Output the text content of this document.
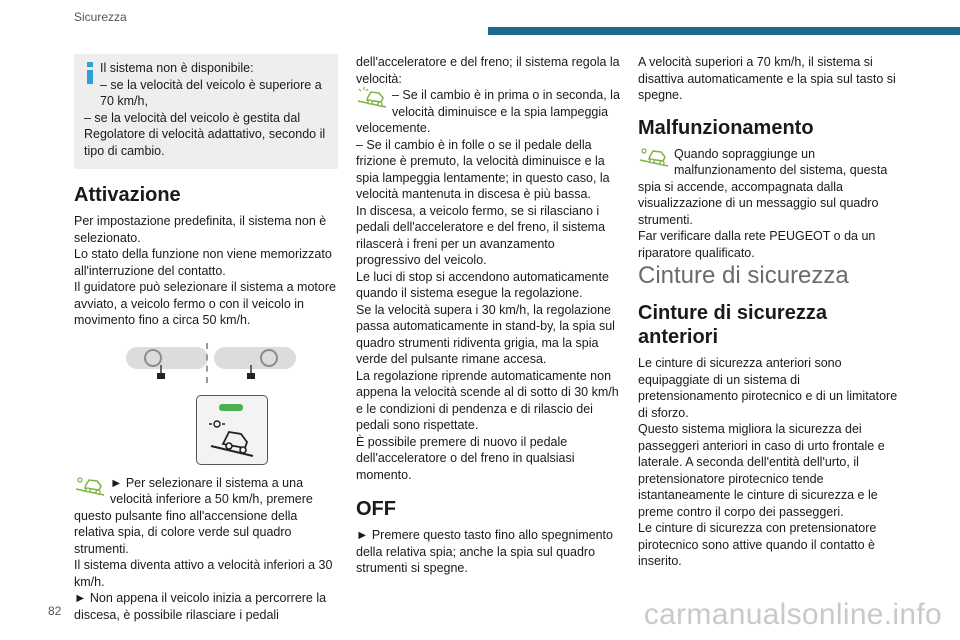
Sicurezza

Il sistema non è disponibile:

– se la velocità del veicolo è superiore a 70 km/h,

– se la velocità del veicolo è gestita dal Regolatore di velocità adattativo, secondo il tipo di cambio.

Attivazione

Per impostazione predefinita, il sistema non è selezionato.

Lo stato della funzione non viene memorizzato all'interruzione del contatto.

Il guidatore può selezionare il sistema a motore avviato, a veicolo fermo o con il veicolo in movimento fino a circa 50 km/h.

► Per selezionare il sistema a una velocità inferiore a 50 km/h, premere questo pulsante fino all'accensione della relativa spia, di colore verde sul quadro strumenti.

Il sistema diventa attivo a velocità inferiori a 30 km/h.

► Non appena il veicolo inizia a percorrere la discesa, è possibile rilasciare i pedali

dell'acceleratore e del freno; il sistema regola la velocità:

– Se il cambio è in prima o in seconda, la velocità diminuisce e la spia lampeggia velocemente.

– Se il cambio è in folle o se il pedale della frizione è premuto, la velocità diminuisce e la spia lampeggia lentamente; in questo caso, la velocità mantenuta in discesa è più bassa.

In discesa, a veicolo fermo, se si rilasciano i pedali dell'acceleratore e del freno, il sistema rilascerà i freni per un avanzamento progressivo del veicolo.

Le luci di stop si accendono automaticamente quando il sistema esegue la regolazione.

Se la velocità supera i 30 km/h, la regolazione passa automaticamente in stand-by, la spia sul quadro strumenti ridiventa grigia, ma la spia verde del pulsante rimane accesa.

La regolazione riprende automaticamente non appena la velocità scende al di sotto di 30 km/h e le condizioni di pendenza e di rilascio dei pedali sono rispettate.

È possibile premere di nuovo il pedale dell'acceleratore o del freno in qualsiasi momento.

OFF

► Premere questo tasto fino allo spegnimento della relativa spia; anche la spia sul quadro strumenti si spegne.

A velocità superiori a 70 km/h, il sistema si disattiva automaticamente e la spia sul tasto si spegne.

Malfunzionamento

Quando sopraggiunge un malfunzionamento del sistema, questa spia si accende, accompagnata dalla visualizzazione di un messaggio sul quadro strumenti.

Far verificare dalla rete PEUGEOT o da un riparatore qualificato.

Cinture di sicurezza
Cinture di sicurezza anteriori

Le cinture di sicurezza anteriori sono equipaggiate di un sistema di pretensionamento pirotecnico e di un limitatore di sforzo.

Questo sistema migliora la sicurezza dei passeggeri anteriori in caso di urto frontale e laterale. A seconda dell'entità dell'urto, il pretensionatore pirotecnico tende istantaneamente le cinture di sicurezza e le preme contro il corpo dei passeggeri.

Le cinture di sicurezza con pretensionatore pirotecnico sono attive quando il contatto è inserito.

82	carmanualsonline.info
